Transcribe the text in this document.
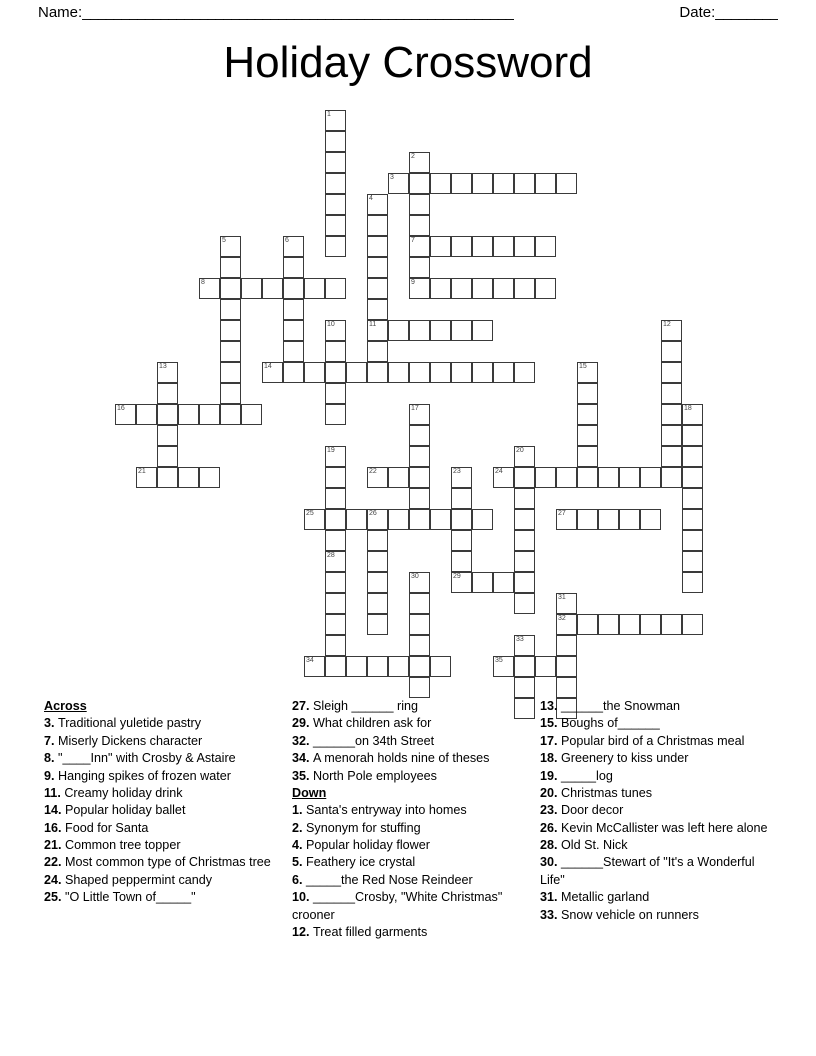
Name: _______________________________________________________	Date: ________
Holiday Crossword
1
2
7
3
4
11
5	6
8	9
10	12
13	14	15
16	17	18
19
28
20
21	22	23	24
25	26	27
29
30
31
32
33
34	35
Across
3. Traditional yuletide pastry
7. Miserly Dickens character
8. "____Inn" with Crosby & Astaire
9. Hanging spikes of frozen water
11. Creamy holiday drink
14. Popular holiday ballet
16. Food for Santa
21. Common tree topper
22. Most common type of Christmas tree
24. Shaped peppermint candy
25. "O Little Town of_____"
27. Sleigh ______ ring
29. What children ask for
32. ______on 34th Street
34. A menorah holds nine of theses
35. North Pole employees
Down
1. Santa's entryway into homes
2. Synonym for stuffing
4. Popular holiday flower
5. Feathery ice crystal
6. _____the Red Nose Reindeer
10. ______Crosby, "White Christmas" crooner
12. Treat filled garments
13. ______the Snowman
15. Boughs of______
17. Popular bird of a Christmas meal
18. Greenery to kiss under
19. _____log
20. Christmas tunes
23. Door decor
26. Kevin McCallister was left here alone
28. Old St. Nick
30. ______Stewart of "It's a Wonderful Life"
31. Metallic garland
33. Snow vehicle on runners
